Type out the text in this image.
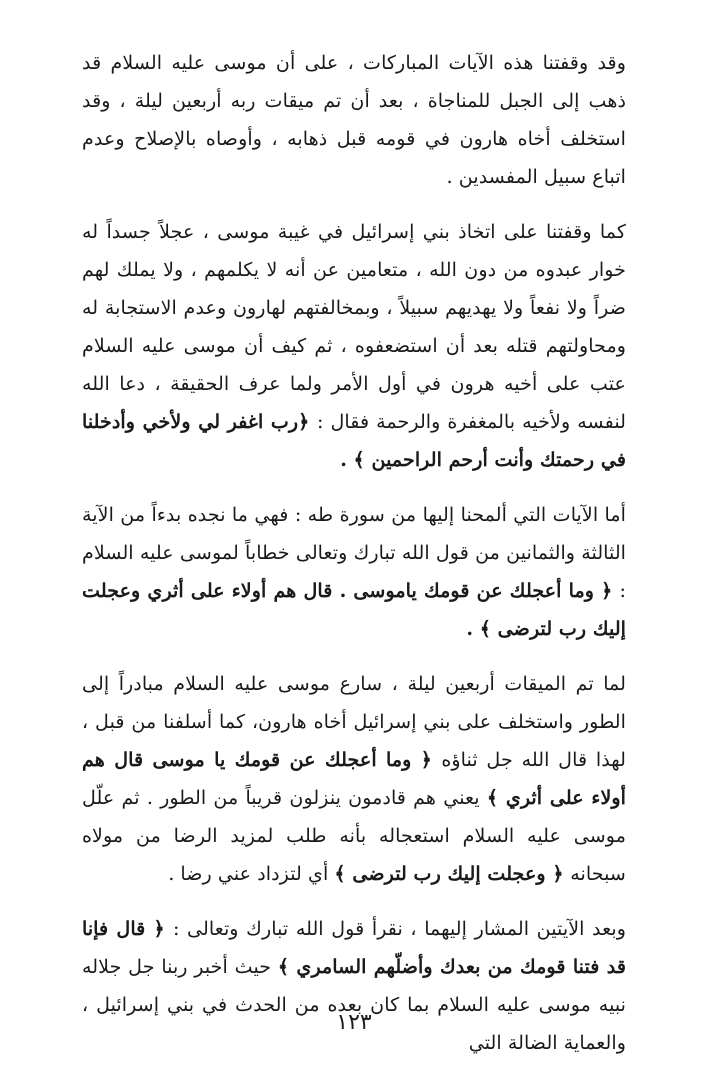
وقد وقفتنا هذه الآيات المباركات ، على أن موسى عليه السلام قد ذهب إلى الجبل للمناجاة ، بعد أن تم ميقات ربه أربعين ليلة ، وقد استخلف أخاه هارون في قومه قبل ذهابه ، وأوصاه بالإصلاح وعدم اتباع سبيل المفسدين .

كما وقفتنا على اتخاذ بني إسرائيل في غيبة موسى ، عجلاً جسداً له خوار عبدوه من دون الله ، متعامين عن أنه لا يكلمهم ، ولا يملك لهم ضراً ولا نفعاً ولا يهديهم سبيلاً ، وبمخالفتهم لهارون وعدم الاستجابة له ومحاولتهم قتله بعد أن استضعفوه ، ثم كيف أن موسى عليه السلام عتب على أخيه هرون في أول الأمر ولما عرف الحقيقة ، دعا الله لنفسه ولأخيه بالمغفرة والرحمة فقال : ﴿رب اغفر لي ولأخي وأدخلنا في رحمتك وأنت أرحم الراحمين ﴾ .

أما الآيات التي ألمحنا إليها من سورة طه : فهي ما نجده بدءاً من الآية الثالثة والثمانين من قول الله تبارك وتعالى خطاباً لموسى عليه السلام : ﴿ وما أعجلك عن قومك ياموسى . قال هم أولاء على أثري وعجلت إليك رب لترضى ﴾ .

لما تم الميقات أربعين ليلة ، سارع موسى عليه السلام مبادراً إلى الطور واستخلف على بني إسرائيل أخاه هارون، كما أسلفنا من قبل ، لهذا قال الله جل ثناؤه ﴿ وما أعجلك عن قومك يا موسى قال هم أولاء على أثري ﴾ يعني هم قادمون ينزلون قريباً من الطور . ثم علّل موسى عليه السلام استعجاله بأنه طلب لمزيد الرضا من مولاه سبحانه ﴿ وعجلت إليك رب لترضى ﴾ أي لتزداد عني رضا .

وبعد الآيتين المشار إليهما ، نقرأ قول الله تبارك وتعالى : ﴿ قال فإنا قد فتنا قومك من بعدك وأضلّهم السامري ﴾ حيث أخبر ربنا جل جلاله نبيه موسى عليه السلام بما كان بعده من الحدث في بني إسرائيل ، والعماية الضالة التي

١٢٣
